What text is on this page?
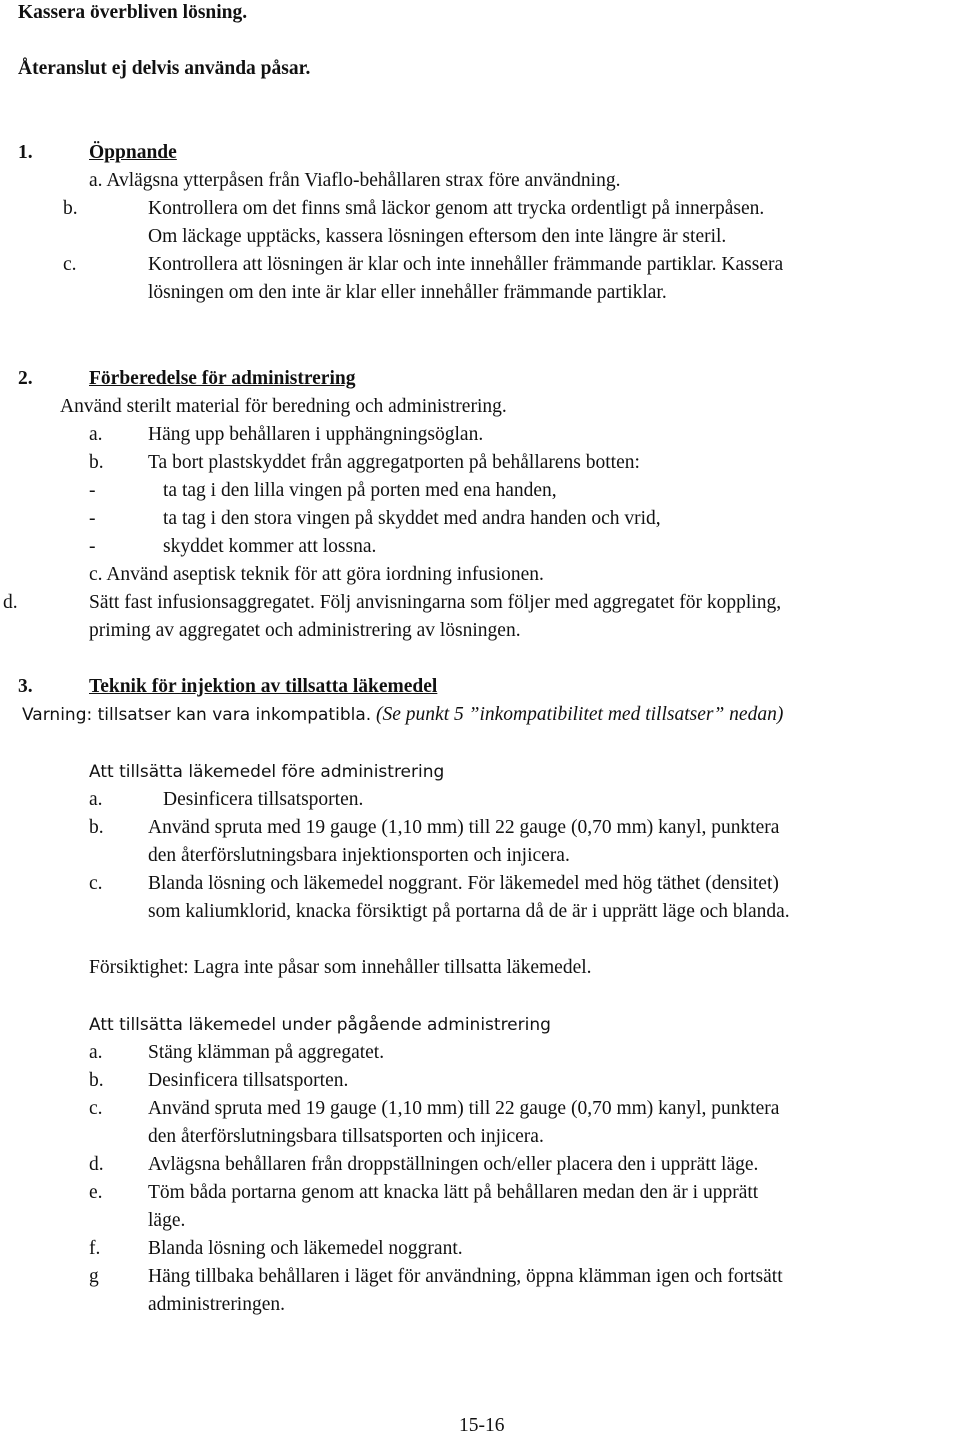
Kassera överbliven lösning.
Återanslut ej delvis använda påsar.
1.	Öppnande
a. Avlägsna ytterpåsen från Viaflo-behållaren strax före användning.
b.	Kontrollera om det finns små läckor genom att trycka ordentligt på innerpåsen.
Om läckage upptäcks, kassera lösningen eftersom den inte längre är steril.
c.	Kontrollera att lösningen är klar och inte innehåller främmande partiklar. Kassera
lösningen om den inte är klar eller innehåller främmande partiklar.
2.	Förberedelse för administrering
Använd sterilt material för beredning och administrering.
a. Häng upp behållaren i upphängningsöglan.
b. Ta bort plastskyddet från aggregatporten på behållarens botten:
-	ta tag i den lilla vingen på porten med ena handen,
-	ta tag i den stora vingen på skyddet med andra handen och vrid,
-	skyddet kommer att lossna.
c. Använd aseptisk teknik för att göra iordning infusionen.
d.	Sätt fast infusionsaggregatet. Följ anvisningarna som följer med aggregatet för koppling,
priming av aggregatet och administrering av lösningen.
3.	Teknik för injektion av tillsatta läkemedel
Varning: tillsatser kan vara inkompatibla. (Se punkt 5 ”inkompatibilitet med tillsatser” nedan)
Att tillsätta läkemedel före administrering
a.	Desinficera tillsatsporten.
b. Använd spruta med 19 gauge (1,10 mm) till 22 gauge (0,70 mm) kanyl, punktera
den återförslutningsbara injektionsporten och injicera.
c. Blanda lösning och läkemedel noggrant. För läkemedel med hög täthet (densitet)
som kaliumklorid, knacka försiktigt på portarna då de är i upprätt läge och blanda.
Försiktighet: Lagra inte påsar som innehåller tillsatta läkemedel.
Att tillsätta läkemedel under pågående administrering
a. Stäng klämman på aggregatet.
b. Desinficera tillsatsporten.
c. Använd spruta med 19 gauge (1,10 mm) till 22 gauge (0,70 mm) kanyl, punktera
den återförslutningsbara tillsatsporten och injicera.
d. Avlägsna behållaren från droppställningen och/eller placera den i upprätt läge.
e. Töm båda portarna genom att knacka lätt på behållaren medan den är i upprätt
läge.
f. Blanda lösning och läkemedel noggrant.
g	Häng tillbaka behållaren i läget för användning, öppna klämman igen och fortsätt
administreringen.
15-16
